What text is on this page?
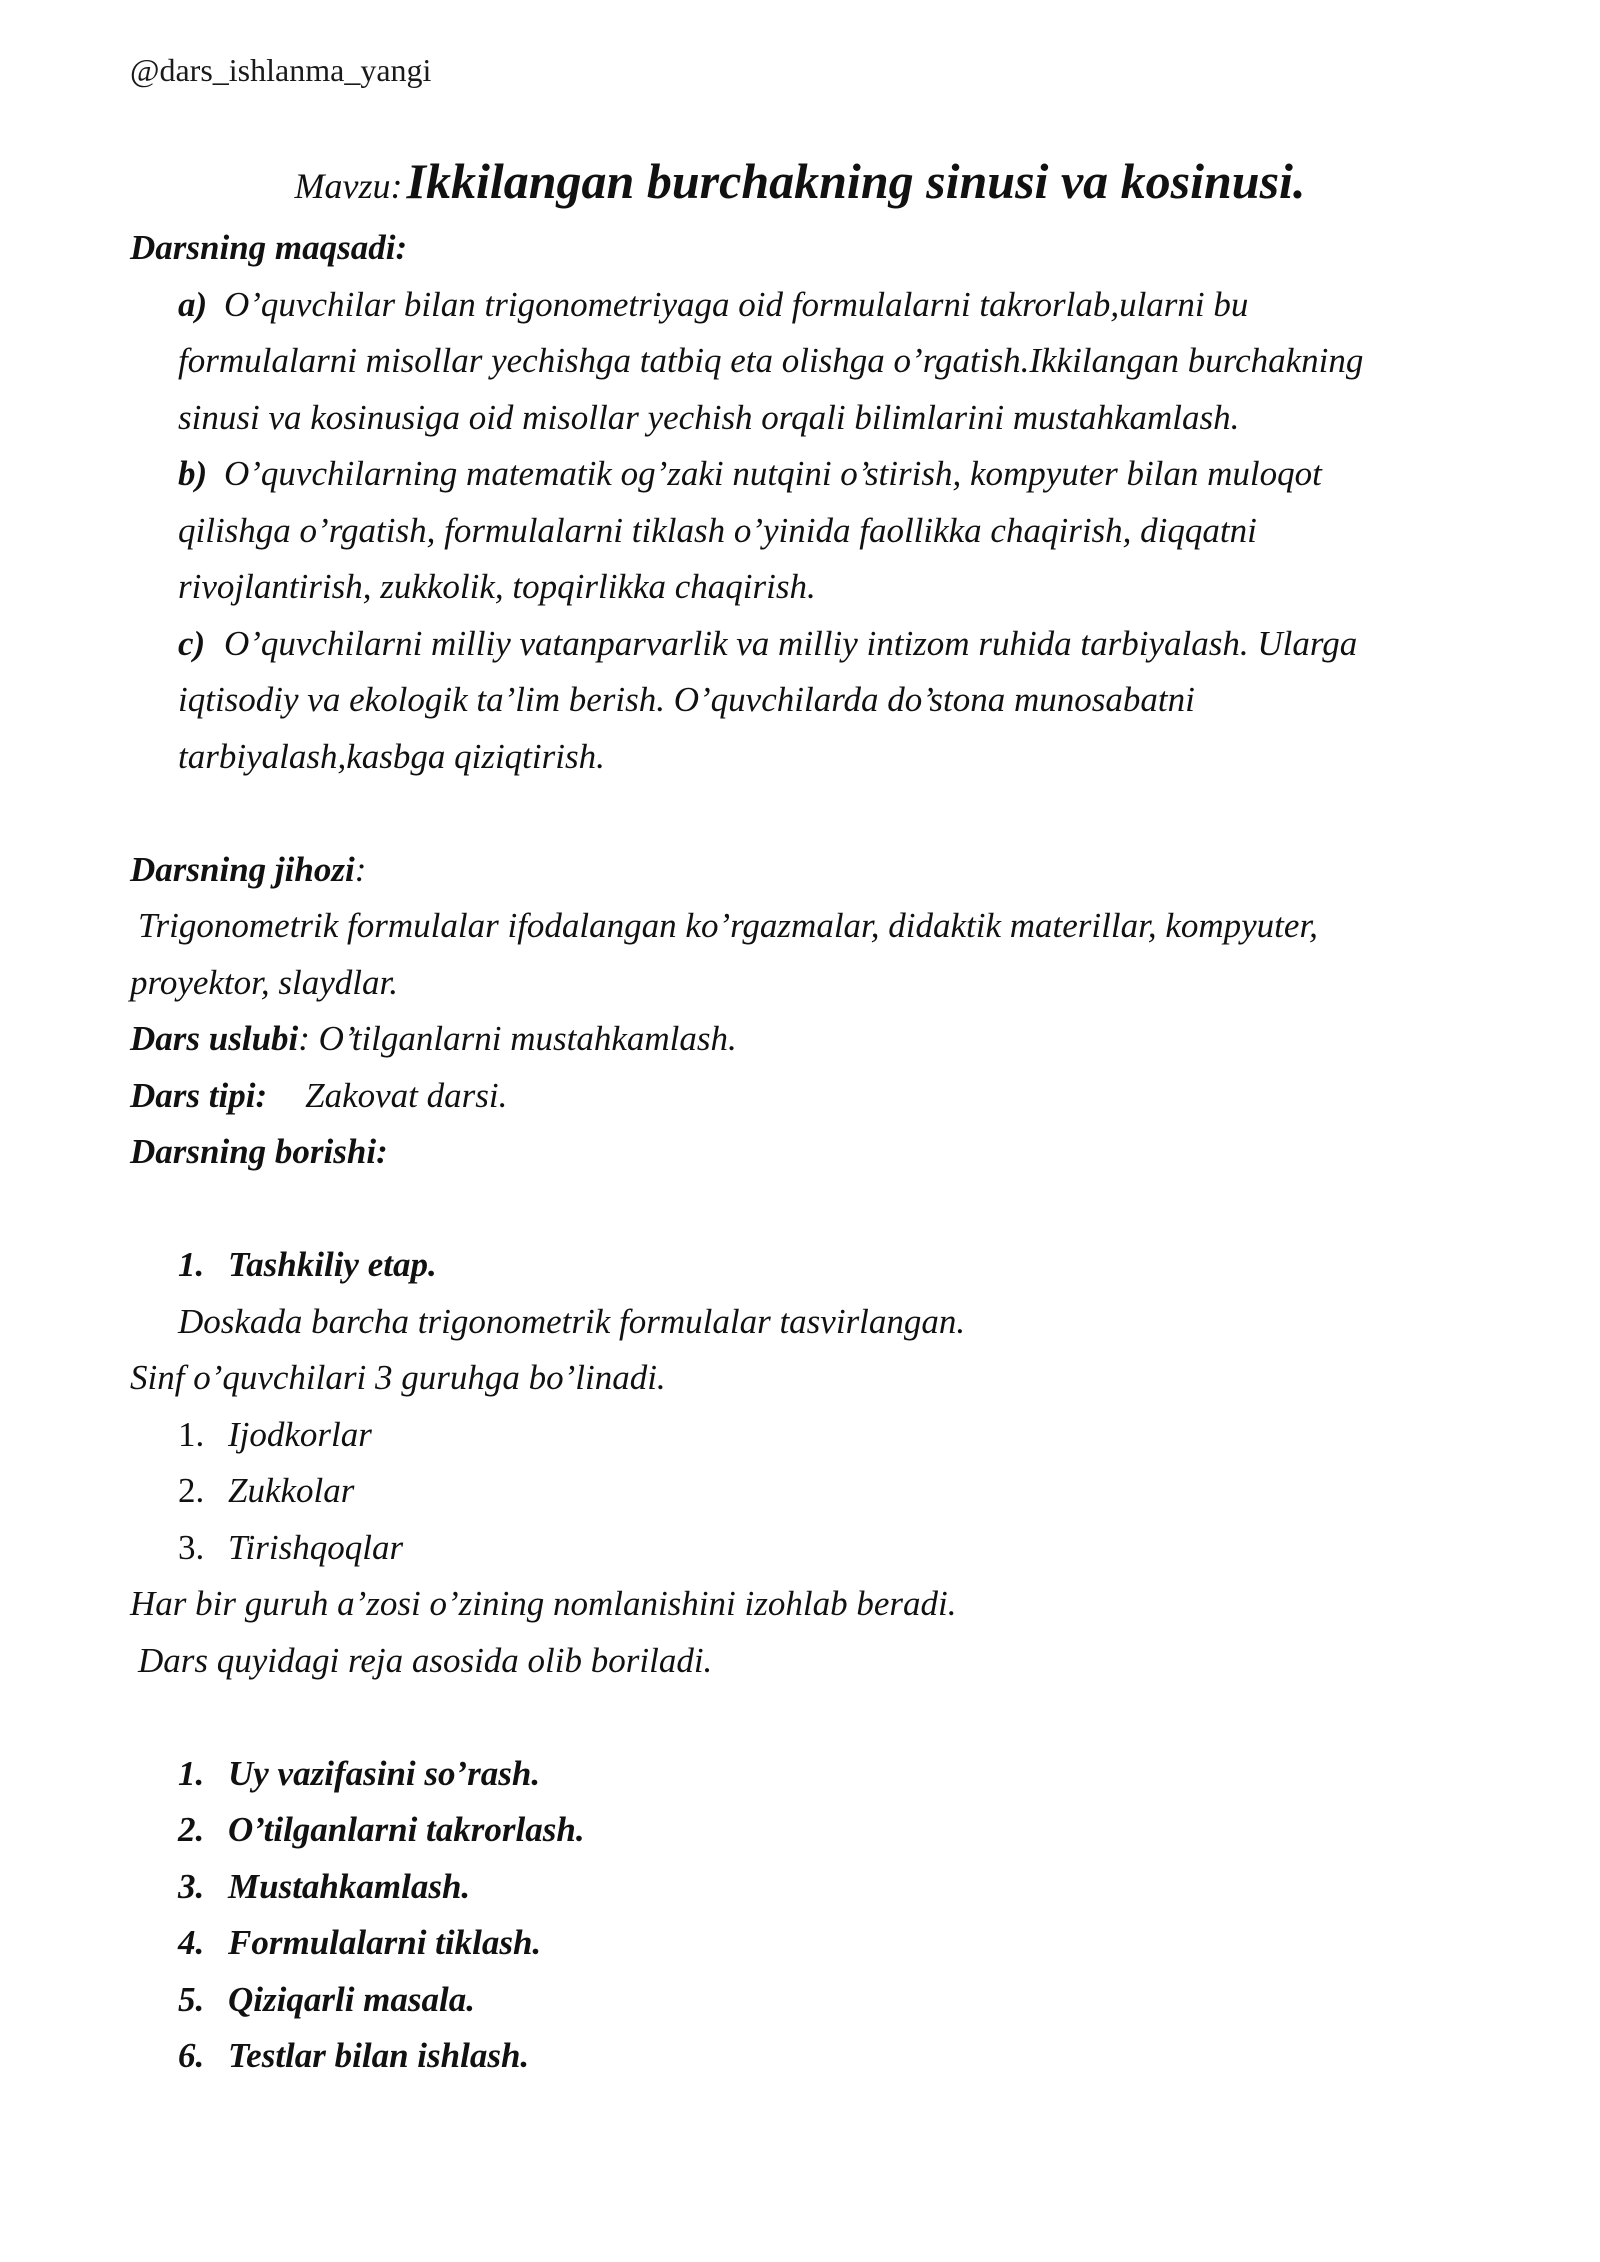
@dars_ishlanma_yangi
Mavzu: Ikkilangan burchakning sinusi va kosinusi.
Darsning maqsadi:
a) O’quvchilar bilan trigonometriyaga oid formulalarni takrorlab,ularni bu
formulalarni misollar yechishga tatbiq eta olishga o’rgatish.Ikkilangan burchakning
sinusi va kosinusiga oid misollar yechish orqali bilimlarini mustahkamlash.
b) O’quvchilarning matematik og’zaki nutqini o’stirish, kompyuter bilan muloqot
qilishga o’rgatish, formulalarni tiklash o’yinida faollikka chaqirish, diqqatni
rivojlantirish, zukkolik, topqirlikka chaqirish.
c) O’quvchilarni milliy vatanparvarlik va milliy intizom ruhida tarbiyalash. Ularga
iqtisodiy va ekologik ta’lim berish. O’quvchilarda do’stona munosabatni
tarbiyalash,kasbga qiziqtirish.
Darsning jihozi:
Trigonometrik formulalar ifodalangan ko’rgazmalar, didaktik materillar, kompyuter,
proyektor, slaydlar.
Dars uslubi: O’tilganlarni mustahkamlash.
Dars tipi: Zakovat darsi.
Darsning borishi:
1. Tashkiliy etap.
Doskada barcha trigonometrik formulalar tasvirlangan.
Sinf o’quvchilari 3 guruhga bo’linadi.
1. Ijodkorlar
2. Zukkolar
3. Tirishqoqlar
Har bir guruh a’zosi o’zining nomlanishini izohlab beradi.
Dars quyidagi reja asosida olib boriladi.
1. Uy vazifasini so’rash.
2. O’tilganlarni takrorlash.
3. Mustahkamlash.
4. Formulalarni tiklash.
5. Qiziqarli masala.
6. Testlar bilan ishlash.
